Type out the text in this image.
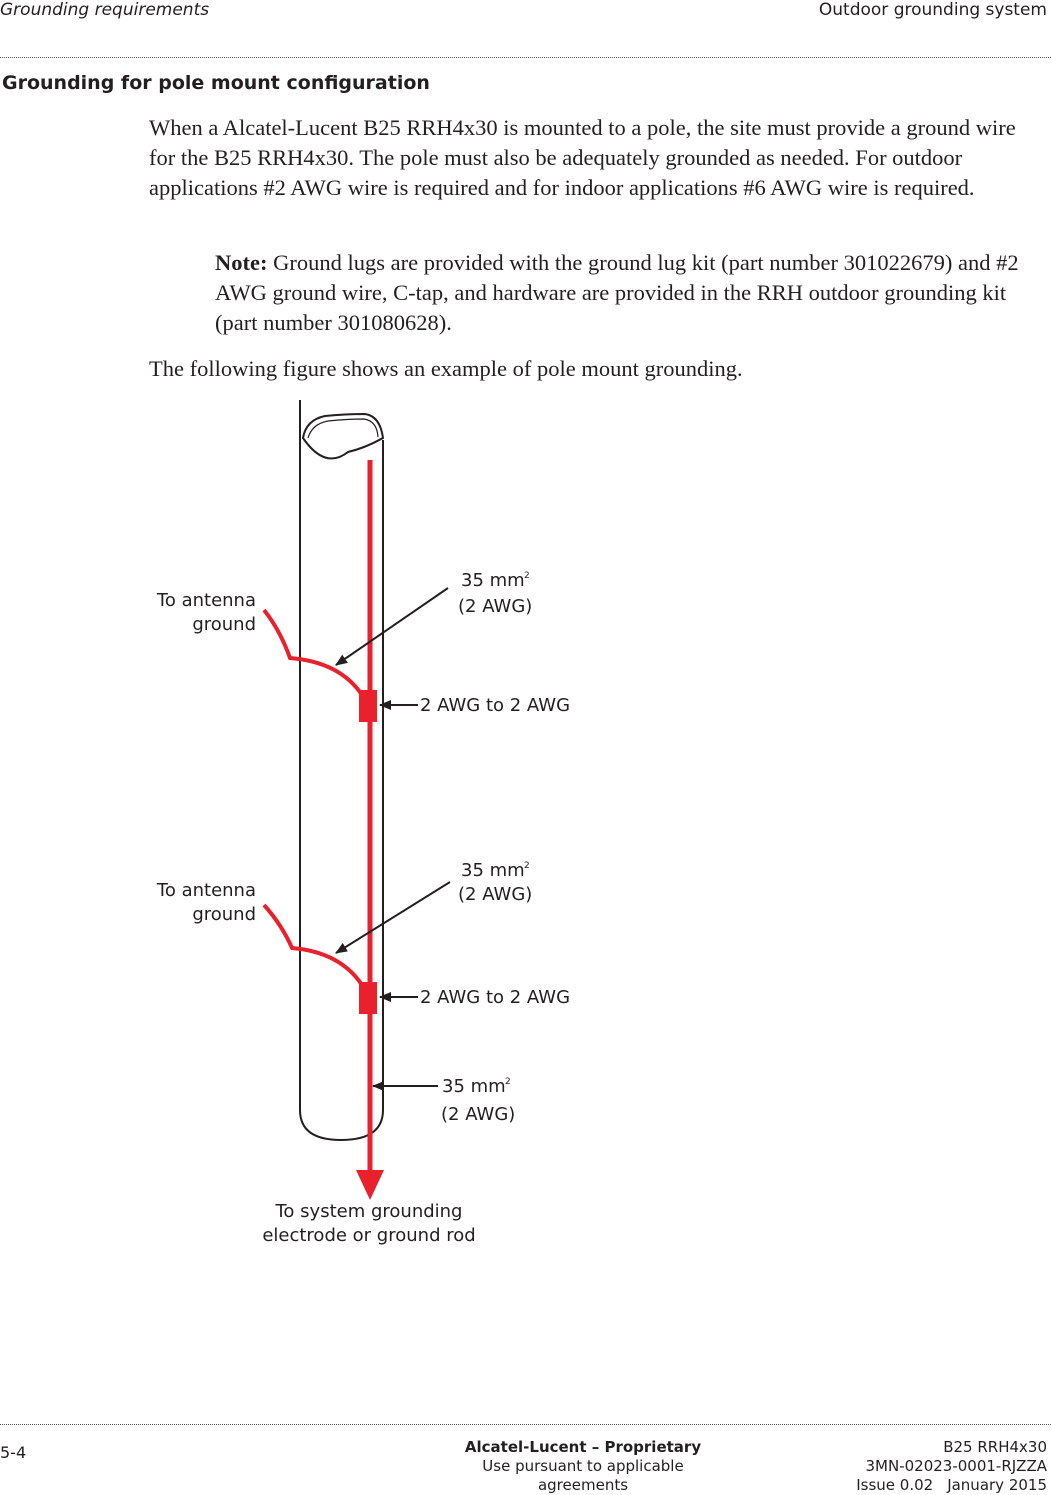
Grounding requirements	Outdoor grounding system
Grounding for pole mount configuration
When a Alcatel-Lucent B25 RRH4x30 is mounted to a pole, the site must provide a ground wire for the B25 RRH4x30. The pole must also be adequately grounded as needed. For outdoor applications #2 AWG wire is required and for indoor applications #6 AWG wire is required.
Note: Ground lugs are provided with the ground lug kit (part number 301022679) and #2 AWG ground wire, C-tap, and hardware are provided in the RRH outdoor grounding kit (part number 301080628).
The following figure shows an example of pole mount grounding.
To antenna
ground
35 mm 2
(2 AWG)
2 AWG to 2 AWG
To antenna
ground
35 mm 2
(2 AWG)
2 AWG to 2 AWG
35 mm 2
(2 AWG)
To system grounding
electrode or ground rod
5-4	Alcatel-Lucent – Proprietary
Use pursuant to applicable agreements
B25 RRH4x30
3MN-02023-0001-RJZZA
Issue 0.02 January 2015
